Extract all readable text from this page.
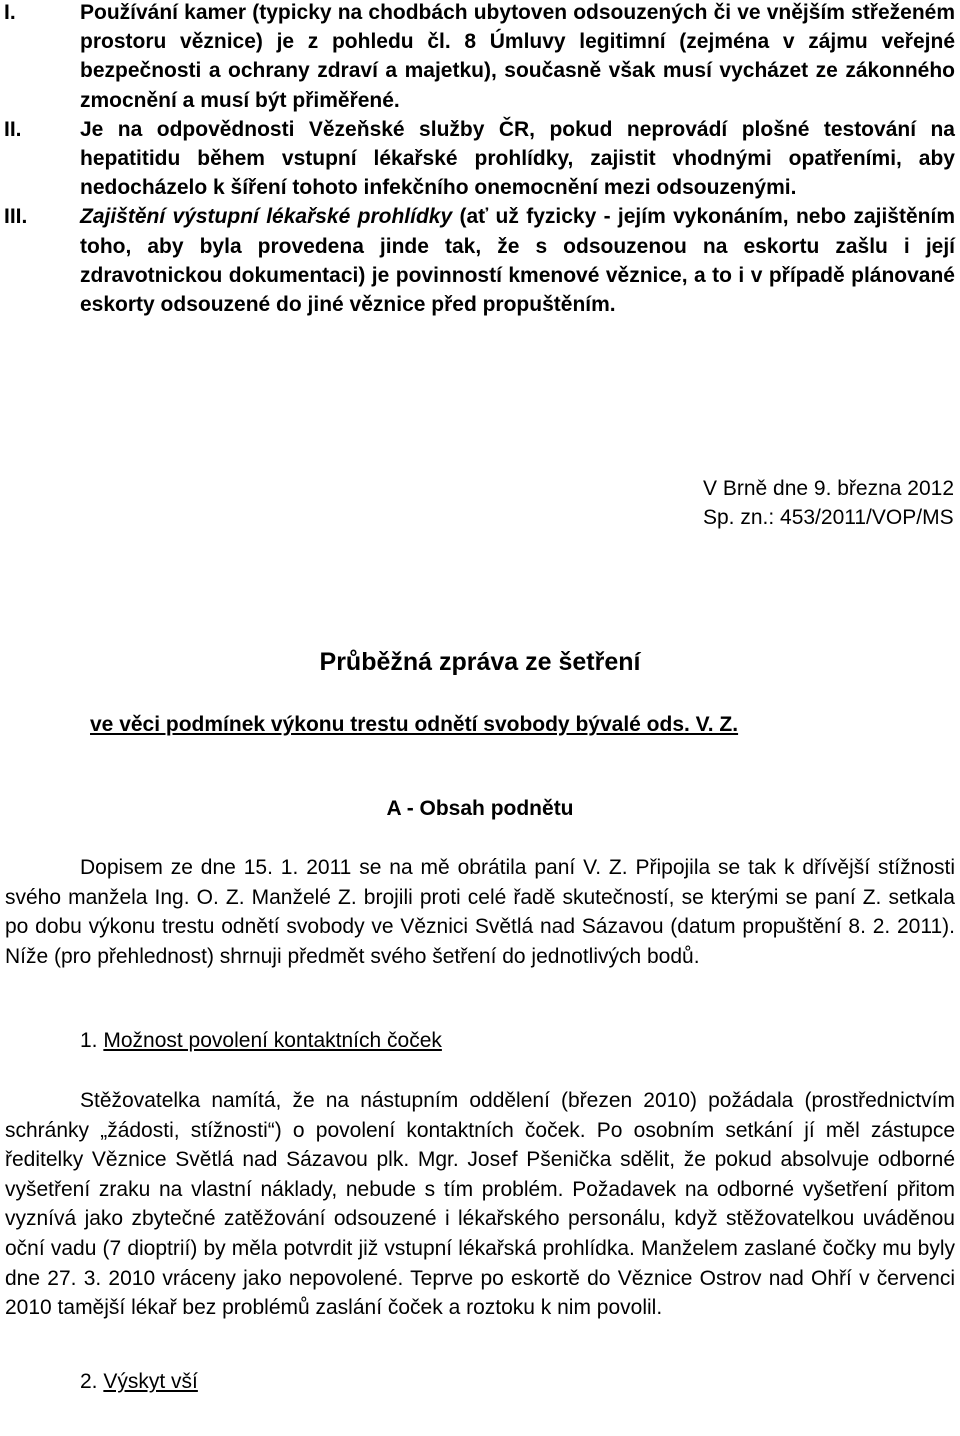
I.	Používání kamer (typicky na chodbách ubytoven odsouzených či ve vnějším střeženém prostoru věznice) je z pohledu čl. 8 Úmluvy legitimní (zejména v zájmu veřejné bezpečnosti a ochrany zdraví a majetku), současně však musí vycházet ze zákonného zmocnění a musí být přiměřené.
II.	Je na odpovědnosti Vězeňské služby ČR, pokud neprovádí plošné testování na hepatitidu během vstupní lékařské prohlídky, zajistit vhodnými opatřeními, aby nedocházelo k šíření tohoto infekčního onemocnění mezi odsouzenými.
III.	Zajištění výstupní lékařské prohlídky (ať už fyzicky - jejím vykonáním, nebo zajištěním toho, aby byla provedena jinde tak, že s odsouzenou na eskortu zašlu i její zdravotnickou dokumentaci) je povinností kmenové věznice, a to i v případě plánované eskorty odsouzené do jiné věznice před propuštěním.
V Brně dne 9. března 2012
Sp. zn.: 453/2011/VOP/MS
Průběžná zpráva ze šetření
ve věci podmínek výkonu trestu odnětí svobody bývalé ods. V. Z.
A - Obsah podnětu

Dopisem ze dne 15. 1. 2011 se na mě obrátila paní V. Z. Připojila se tak k dřívější stížnosti svého manžela Ing. O. Z. Manželé Z. brojili proti celé řadě skutečností, se kterými se paní Z. setkala po dobu výkonu trestu odnětí svobody ve Věznici Světlá nad Sázavou (datum propuštění 8. 2. 2011). Níže (pro přehlednost) shrnuji předmět svého šetření do jednotlivých bodů.

1. Možnost povolení kontaktních čoček

Stěžovatelka namítá, že na nástupním oddělení (březen 2010) požádala (prostřednictvím schránky „žádosti, stížnosti“) o povolení kontaktních čoček. Po osobním setkání jí měl zástupce ředitelky Věznice Světlá nad Sázavou plk. Mgr. Josef Pšenička sdělit, že pokud absolvuje odborné vyšetření zraku na vlastní náklady, nebude s tím problém. Požadavek na odborné vyšetření přitom vyznívá jako zbytečné zatěžování odsouzené i lékařského personálu, když stěžovatelkou uváděnou oční vadu (7 dioptrií) by měla potvrdit již vstupní lékařská prohlídka. Manželem zaslané čočky mu byly dne 27. 3. 2010 vráceny jako nepovolené. Teprve po eskortě do Věznice Ostrov nad Ohří v červenci 2010 tamější lékař bez problémů zaslání čoček a roztoku k nim povolil.

2. Výskyt vší
